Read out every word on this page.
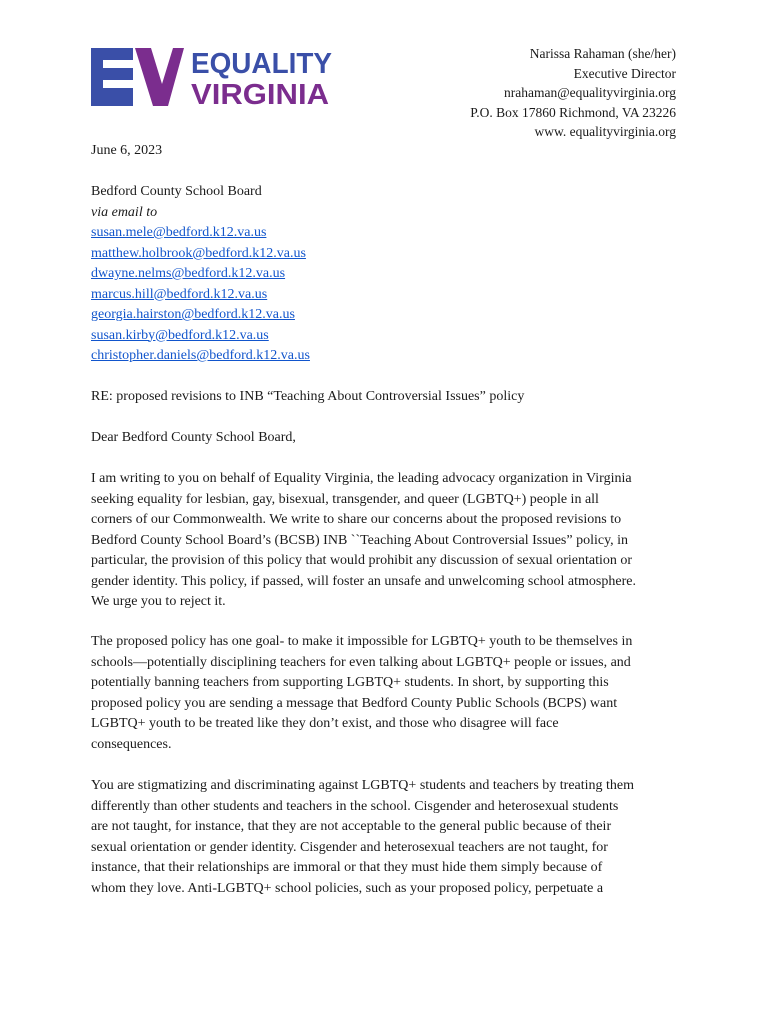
EQUALITY
VIRGINIA
Narissa Rahaman (she/her)
Executive Director
nrahaman@equalityvirginia.org
P.O. Box 17860 Richmond, VA 23226
www. equalityvirginia.org
June 6, 2023
Bedford County School Board
via email to
susan.mele@bedford.k12.va.us
matthew.holbrook@bedford.k12.va.us
dwayne.nelms@bedford.k12.va.us
marcus.hill@bedford.k12.va.us
georgia.hairston@bedford.k12.va.us
susan.kirby@bedford.k12.va.us
christopher.daniels@bedford.k12.va.us
RE: proposed revisions to INB “Teaching About Controversial Issues” policy
Dear Bedford County School Board,
I am writing to you on behalf of Equality Virginia, the leading advocacy organization in Virginia
seeking equality for lesbian, gay, bisexual, transgender, and queer (LGBTQ+) people in all
corners of our Commonwealth. We write to share our concerns about the proposed revisions to
Bedford County School Board’s (BCSB) INB ``Teaching About Controversial Issues” policy, in
particular, the provision of this policy that would prohibit any discussion of sexual orientation or
gender identity. This policy, if passed, will foster an unsafe and unwelcoming school atmosphere.
We urge you to reject it.
The proposed policy has one goal- to make it impossible for LGBTQ+ youth to be themselves in
schools—potentially disciplining teachers for even talking about LGBTQ+ people or issues, and
potentially banning teachers from supporting LGBTQ+ students. In short, by supporting this
proposed policy you are sending a message that Bedford County Public Schools (BCPS) want
LGBTQ+ youth to be treated like they don’t exist, and those who disagree will face
consequences.
You are stigmatizing and discriminating against LGBTQ+ students and teachers by treating them
differently than other students and teachers in the school. Cisgender and heterosexual students
are not taught, for instance, that they are not acceptable to the general public because of their
sexual orientation or gender identity. Cisgender and heterosexual teachers are not taught, for
instance, that their relationships are immoral or that they must hide them simply because of
whom they love. Anti-LGBTQ+ school policies, such as your proposed policy, perpetuate a
